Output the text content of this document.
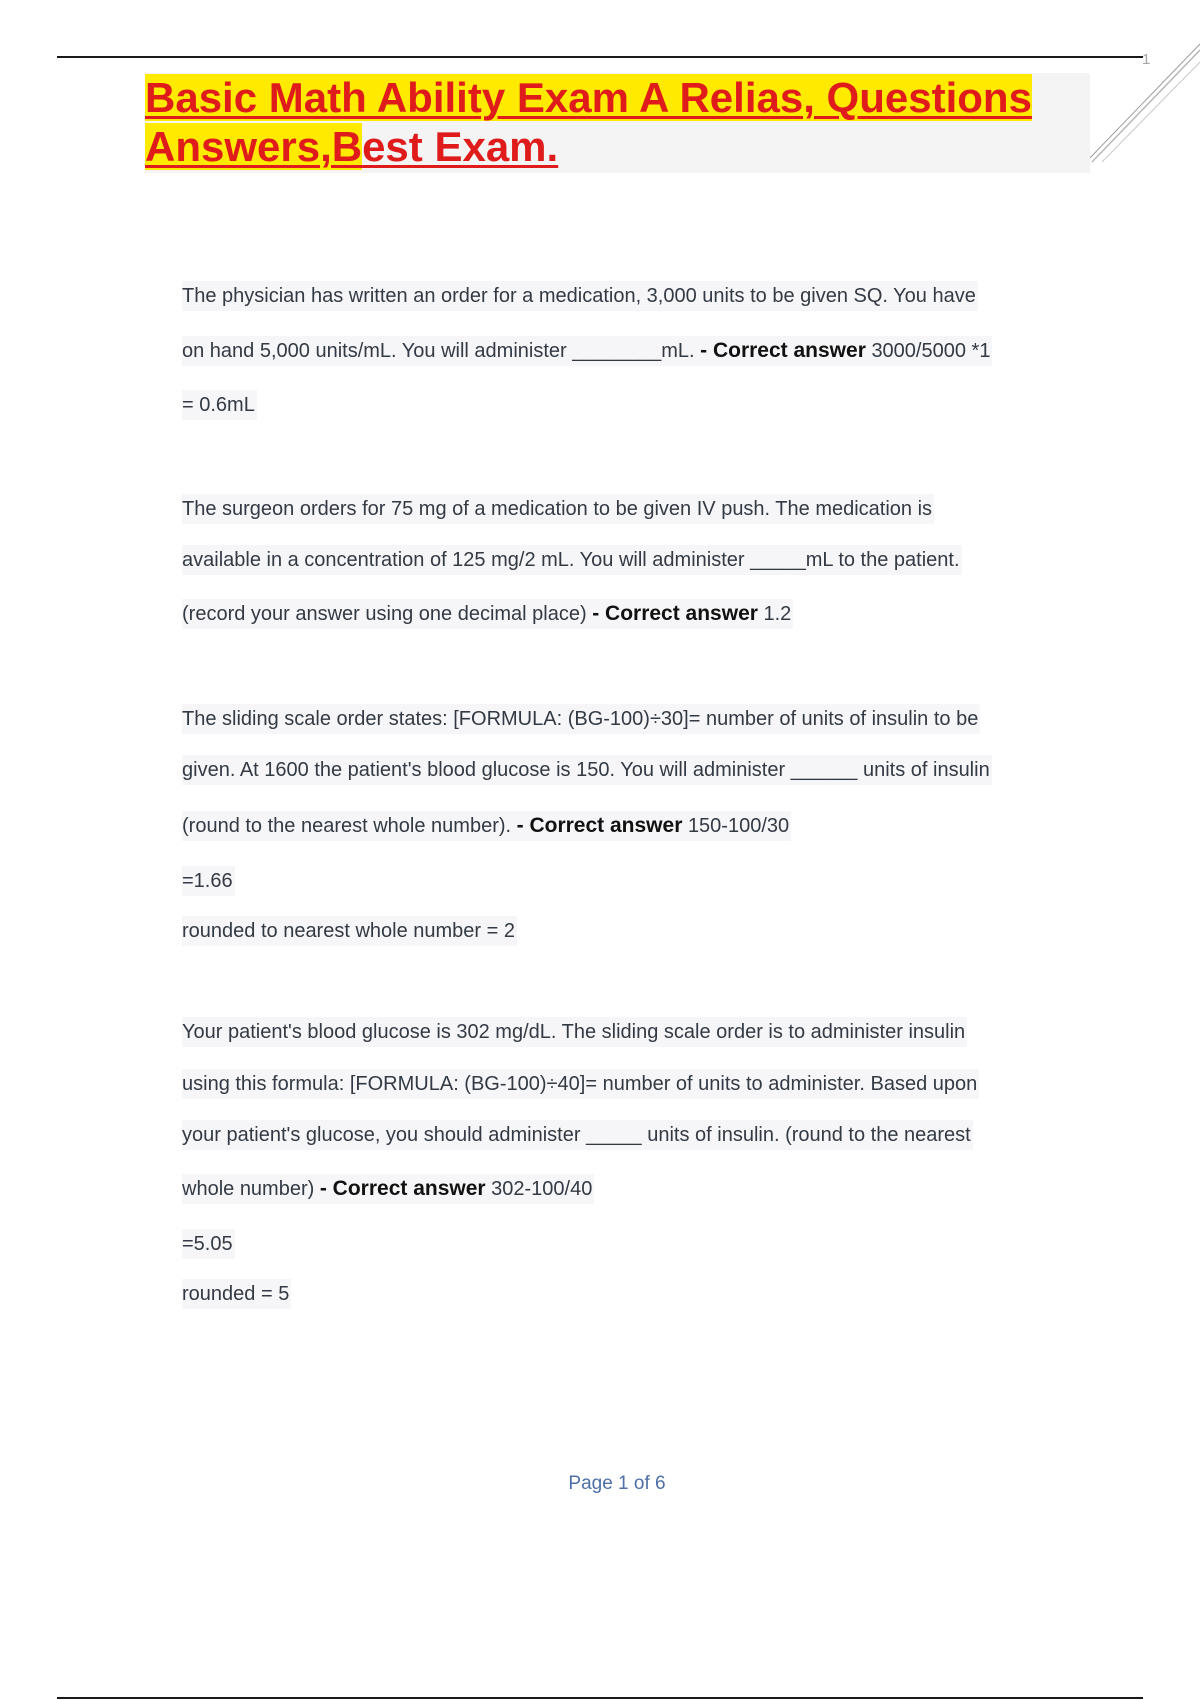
1
Basic Math Ability Exam A Relias, Questions
Answers,Best Exam.
The physician has written an order for a medication, 3,000 units to be given SQ. You have
on hand 5,000 units/mL. You will administer ________mL. - Correct answer 3000/5000 *1
= 0.6mL
The surgeon orders for 75 mg of a medication to be given IV push. The medication is
available in a concentration of 125 mg/2 mL. You will administer _____mL to the patient.
(record your answer using one decimal place) - Correct answer 1.2
The sliding scale order states: [FORMULA: (BG-100)÷30]= number of units of insulin to be
given. At 1600 the patient's blood glucose is 150. You will administer ______ units of insulin
(round to the nearest whole number). - Correct answer 150-100/30
=1.66
rounded to nearest whole number = 2
Your patient's blood glucose is 302 mg/dL. The sliding scale order is to administer insulin
using this formula: [FORMULA: (BG-100)÷40]= number of units to administer. Based upon
your patient's glucose, you should administer _____ units of insulin. (round to the nearest
whole number) - Correct answer 302-100/40
=5.05
rounded = 5
Page 1 of 6
